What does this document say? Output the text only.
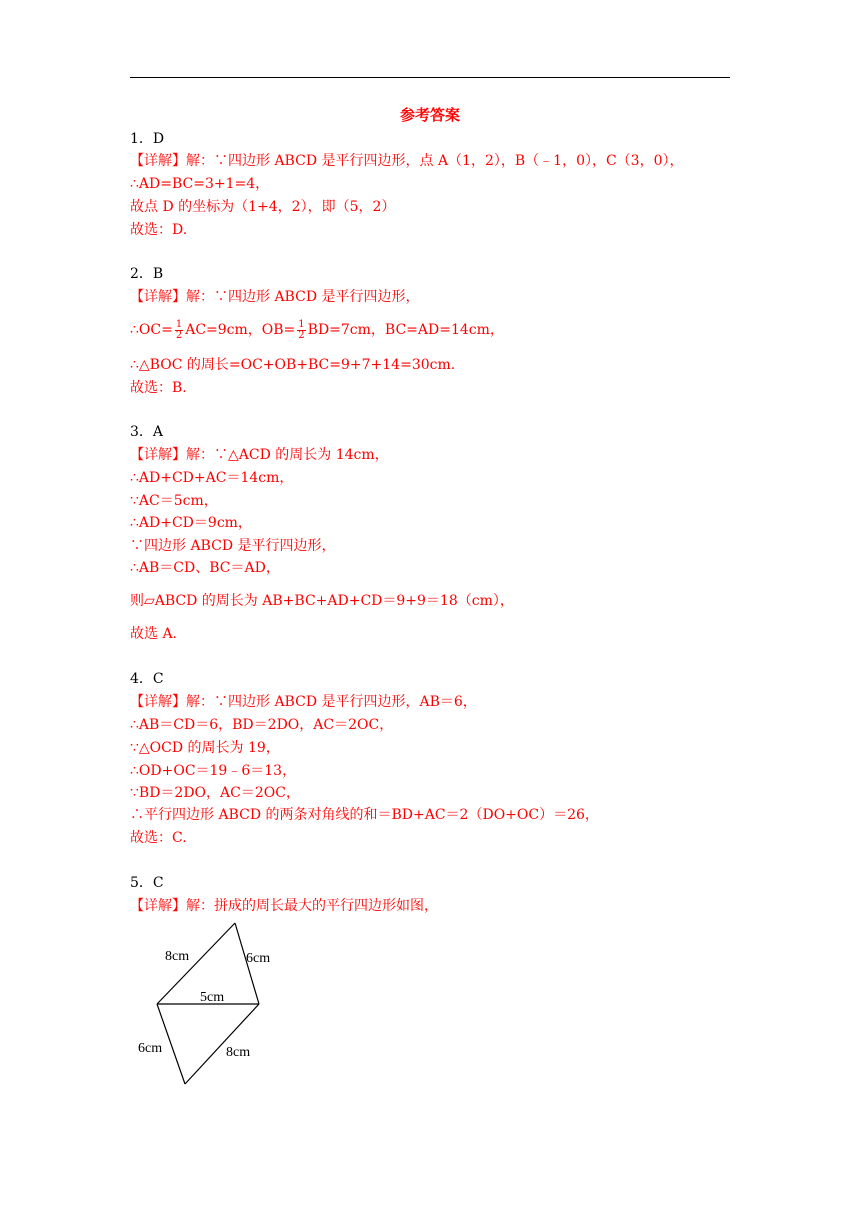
参考答案
1．D
【详解】解：∵四边形 ABCD 是平行四边形，点 A（1，2），B（﹣1，0），C（3，0），
∴AD=BC=3+1=4，
故点 D 的坐标为（1+4，2），即（5，2）
故选：D.
2．B
【详解】解：∵四边形 ABCD 是平行四边形，
∴OC= $\frac{1}{2} AC=9cm$，$OB= \frac{1}{2} BD=7cm$，BC=AD=14cm，
∴△BOC 的周长=OC+OB+BC=9+7+14=30cm.
故选：B.
3．A
【详解】解：∵△ACD 的周长为 14cm，
∴AD+CD+AC＝14cm，
∵AC＝5cm，
∴AD+CD＝9cm，
∵四边形 ABCD 是平行四边形，
∴AB＝CD、BC＝AD，
则▱ABCD 的周长为 AB+BC+AD+CD＝9+9＝18（cm），
故选 A.
4．C
【详解】解：∵四边形 ABCD 是平行四边形，AB＝6，
∴AB＝CD＝6，BD＝2DO，AC＝2OC，
∵△OCD 的周长为 19，
∴OD+OC＝19﹣6＝13，
∵BD＝2DO，AC＝2OC，
∴平行四边形 ABCD 的两条对角线的和＝BD+AC＝2（DO+OC）＝26，
故选：C.
5．C
【详解】解：拼成的周长最大的平行四边形如图，
8cm	6cm
5cm
6cm	8cm
